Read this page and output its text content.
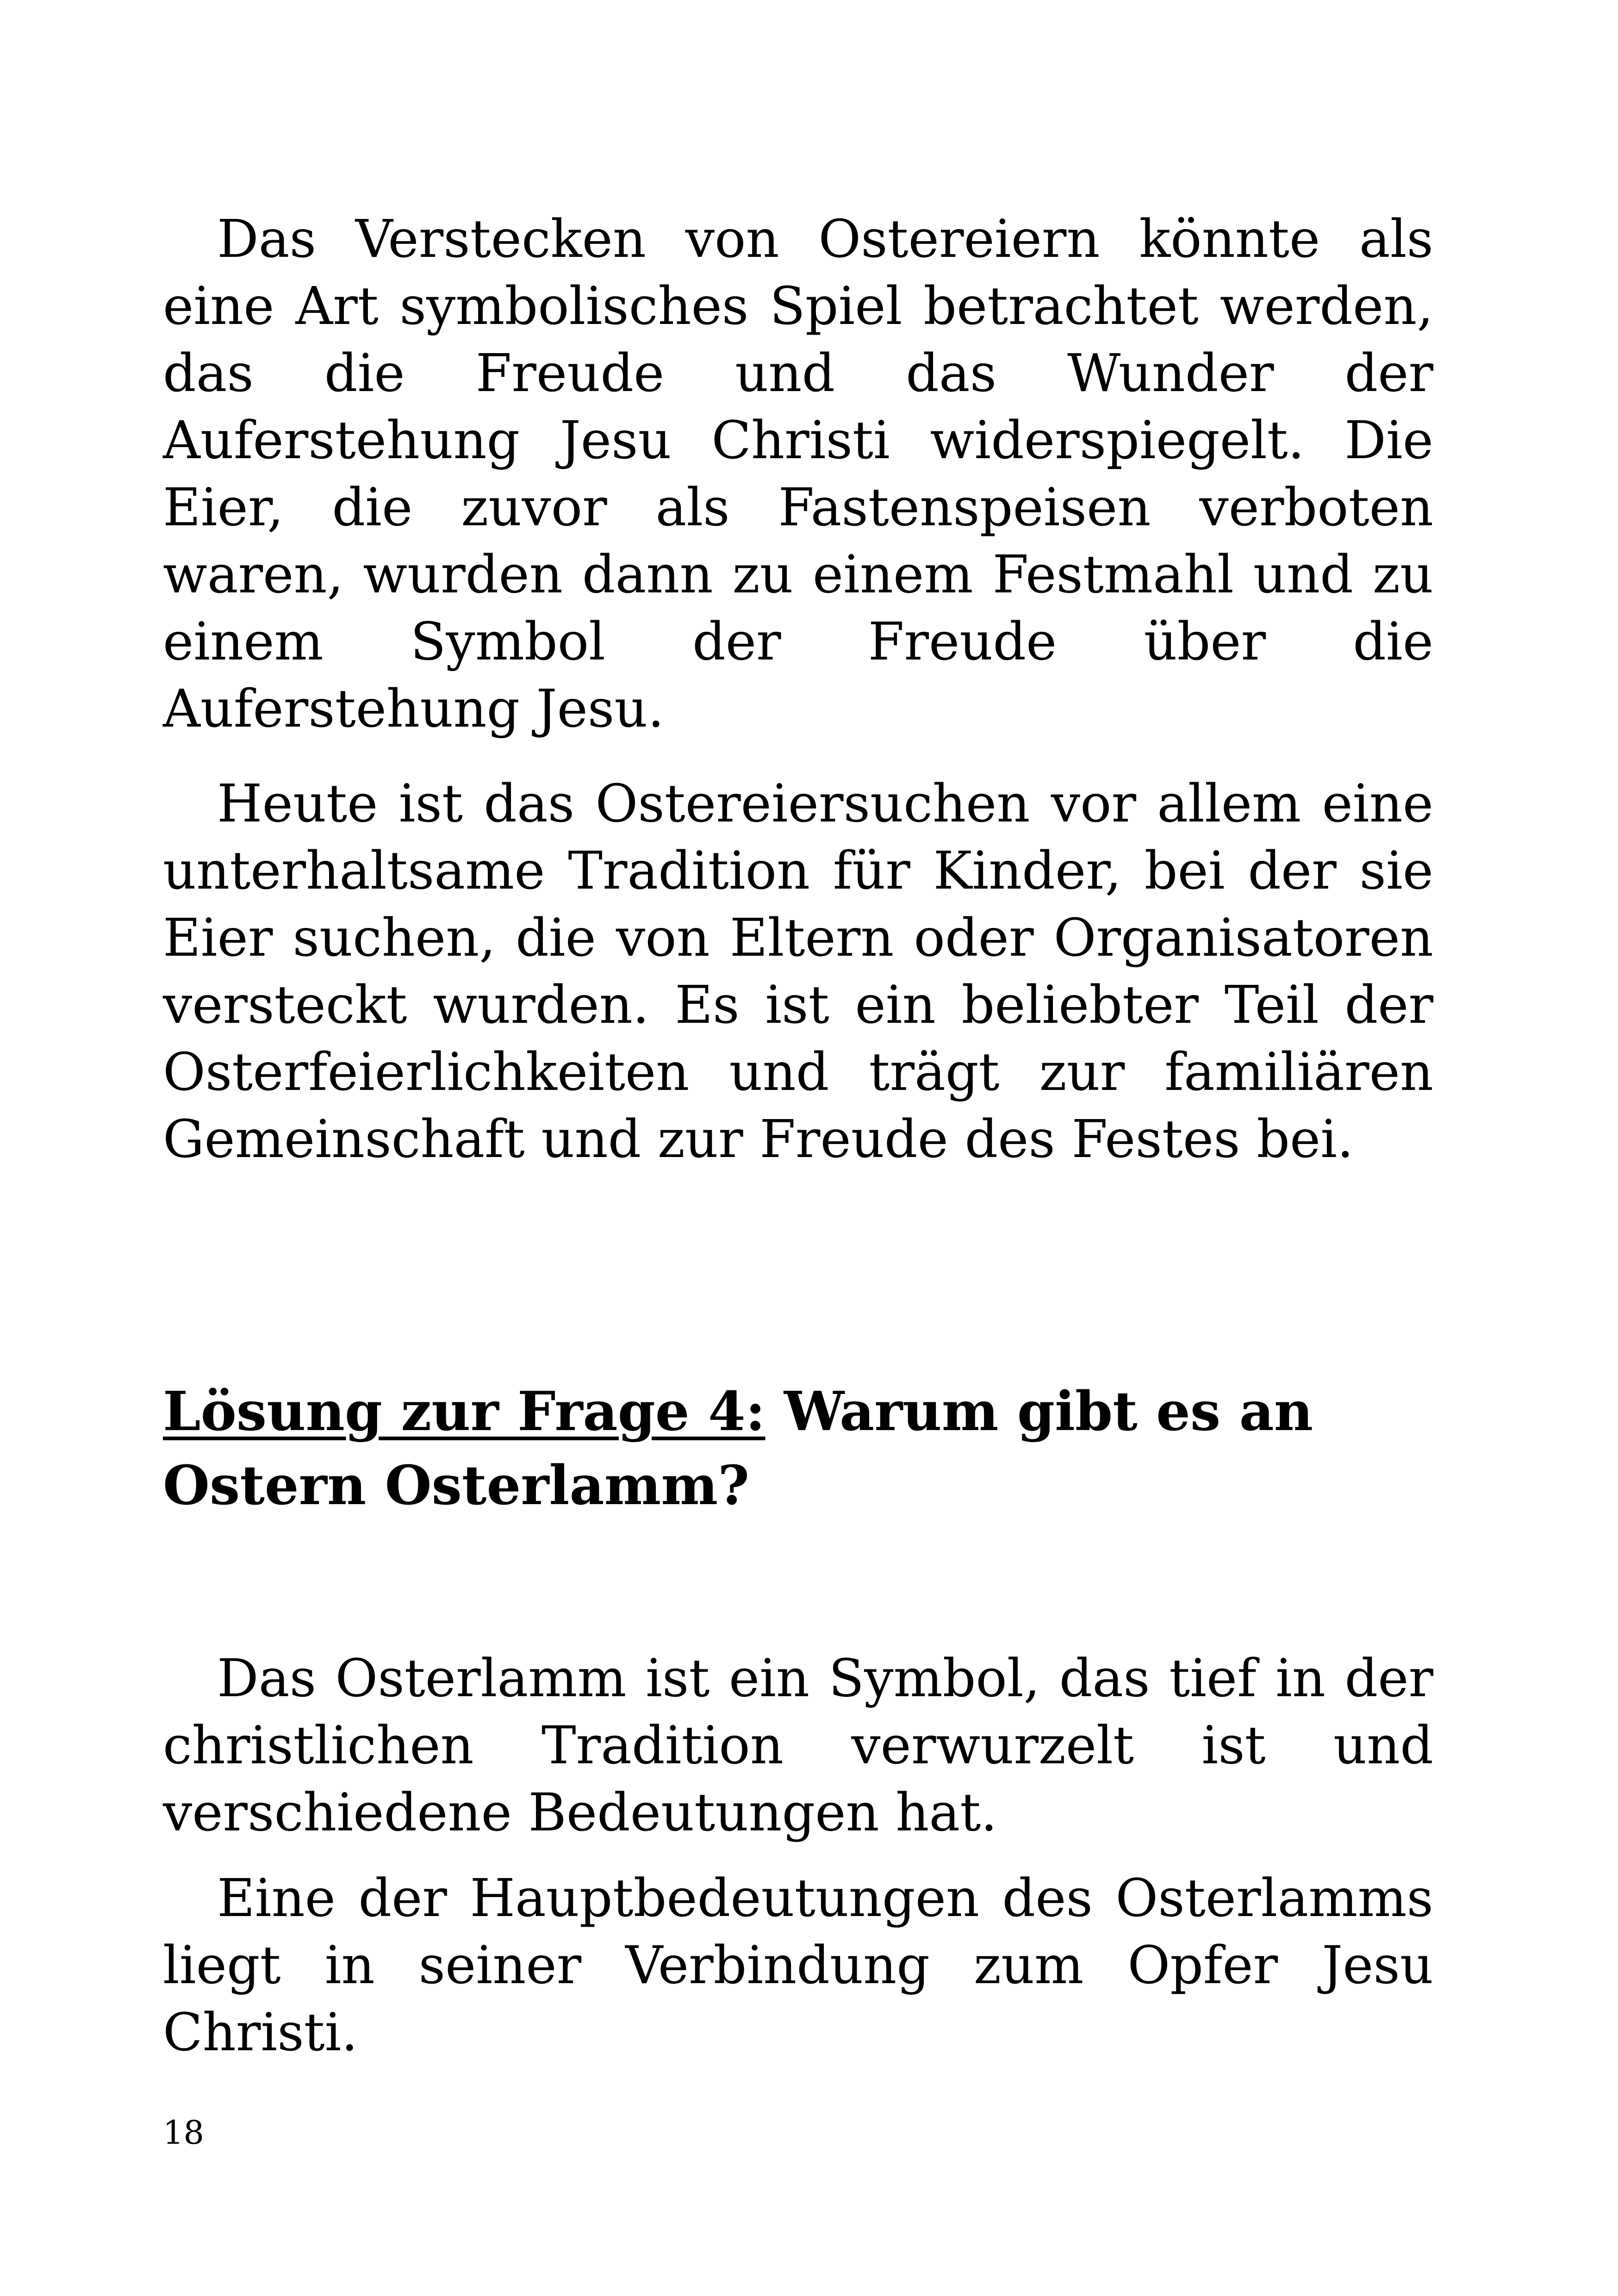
Das Verstecken von Ostereiern könnte als eine Art symbolisches Spiel betrachtet werden, das die Freude und das Wunder der Auferstehung Jesu Christi widerspiegelt. Die Eier, die zuvor als Fastenspeisen verboten waren, wurden dann zu einem Festmahl und zu einem Symbol der Freude über die Auferstehung Jesu.

Heute ist das Ostereiersuchen vor allem eine unterhaltsame Tradition für Kinder, bei der sie Eier suchen, die von Eltern oder Organisatoren versteckt wurden. Es ist ein beliebter Teil der Osterfeierlichkeiten und trägt zur familiären Gemeinschaft und zur Freude des Festes bei.

Lösung zur Frage 4: Warum gibt es an Ostern Osterlamm?

Das Osterlamm ist ein Symbol, das tief in der christlichen Tradition verwurzelt ist und verschiedene Bedeutungen hat.

Eine der Hauptbedeutungen des Osterlamms liegt in seiner Verbindung zum Opfer Jesu Christi.

18
